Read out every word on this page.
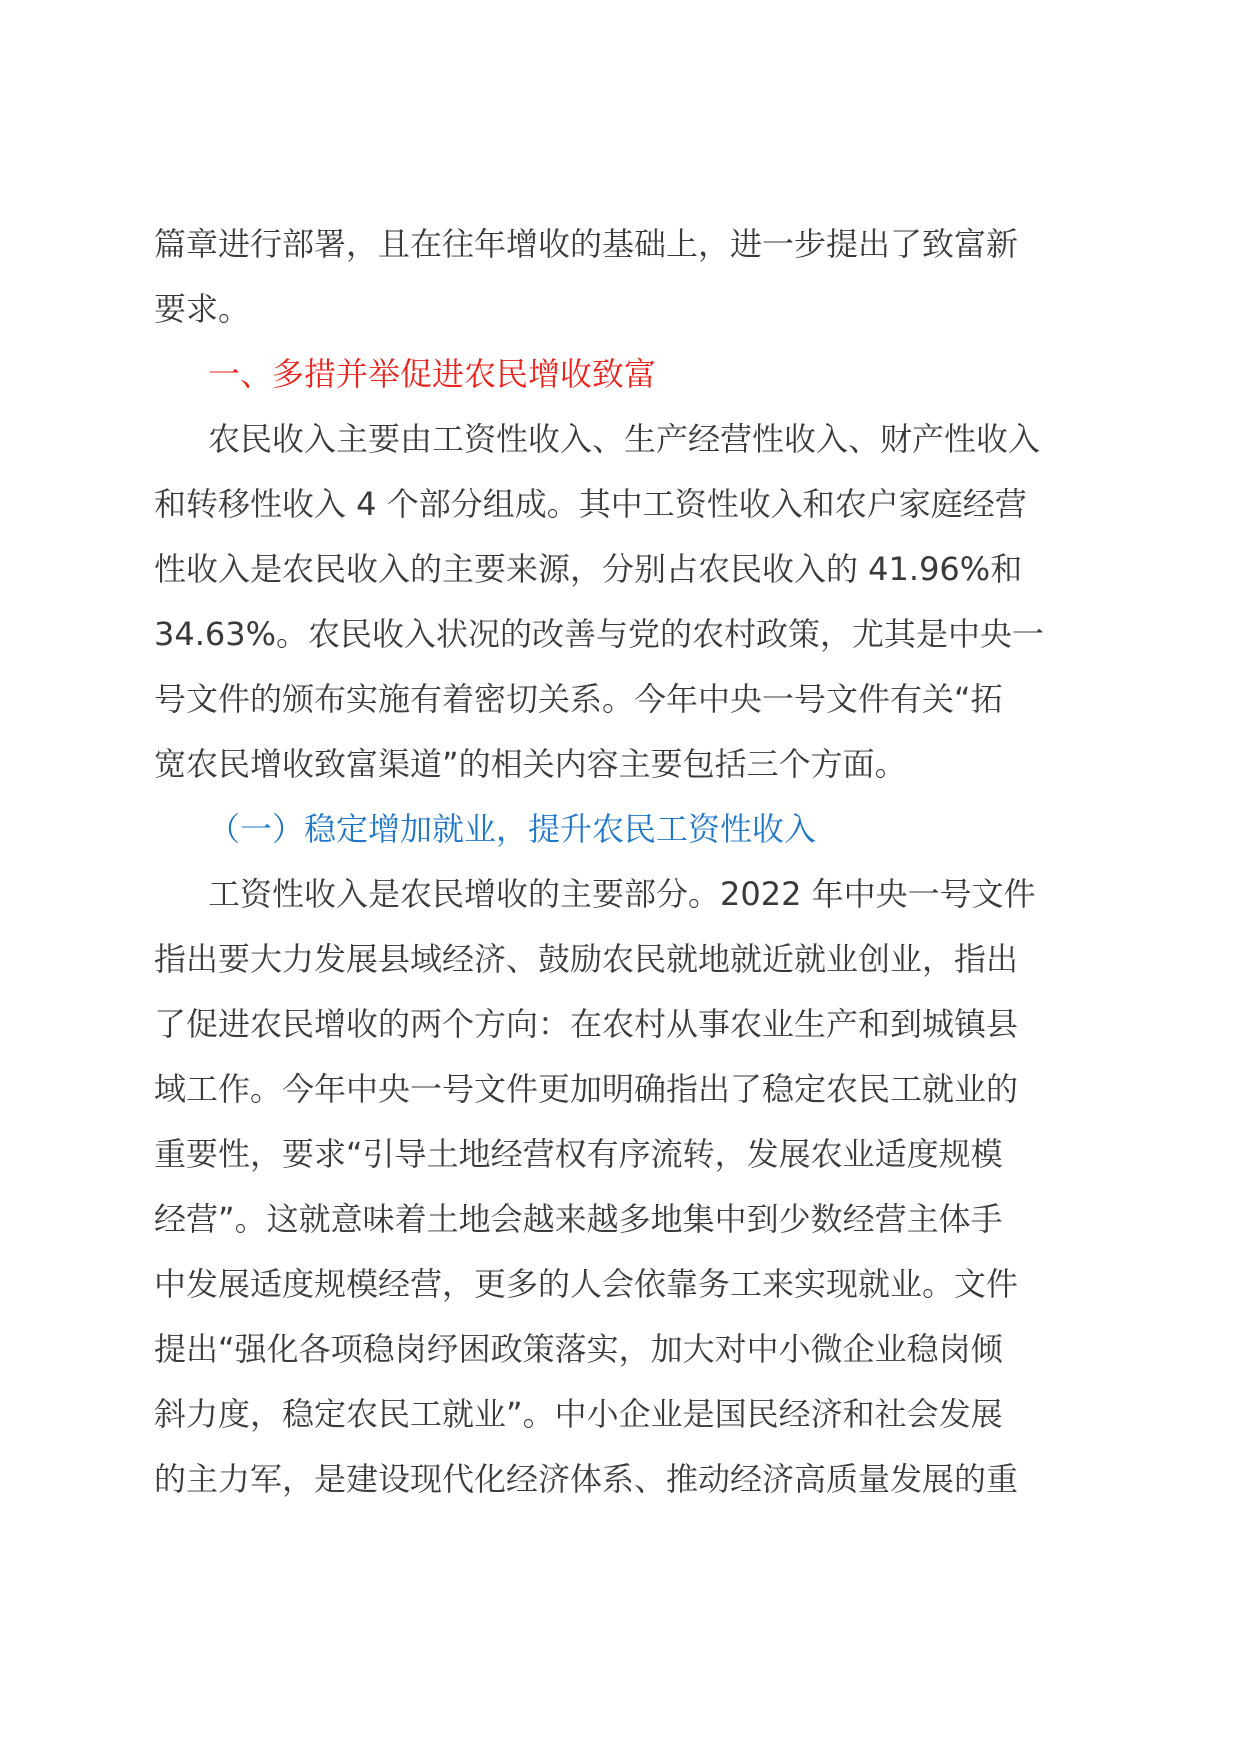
篇章进行部署，且在往年增收的基础上，进一步提出了致富新

要求。

一、多措并举促进农民增收致富

农民收入主要由工资性收入、生产经营性收入、财产性收入

和转移性收入 4 个部分组成。其中工资性收入和农户家庭经营

性收入是农民收入的主要来源，分别占农民收入的 41.96%和

34.63%。农民收入状况的改善与党的农村政策，尤其是中央一

号文件的颁布实施有着密切关系。今年中央一号文件有关“拓

宽农民增收致富渠道”的相关内容主要包括三个方面。

（一）稳定增加就业，提升农民工资性收入

工资性收入是农民增收的主要部分。2022 年中央一号文件

指出要大力发展县域经济、鼓励农民就地就近就业创业，指出

了促进农民增收的两个方向：在农村从事农业生产和到城镇县

域工作。今年中央一号文件更加明确指出了稳定农民工就业的

重要性，要求“引导土地经营权有序流转，发展农业适度规模

经营”。这就意味着土地会越来越多地集中到少数经营主体手

中发展适度规模经营，更多的人会依靠务工来实现就业。文件

提出“强化各项稳岗纾困政策落实，加大对中小微企业稳岗倾

斜力度，稳定农民工就业”。中小企业是国民经济和社会发展

的主力军，是建设现代化经济体系、推动经济高质量发展的重
